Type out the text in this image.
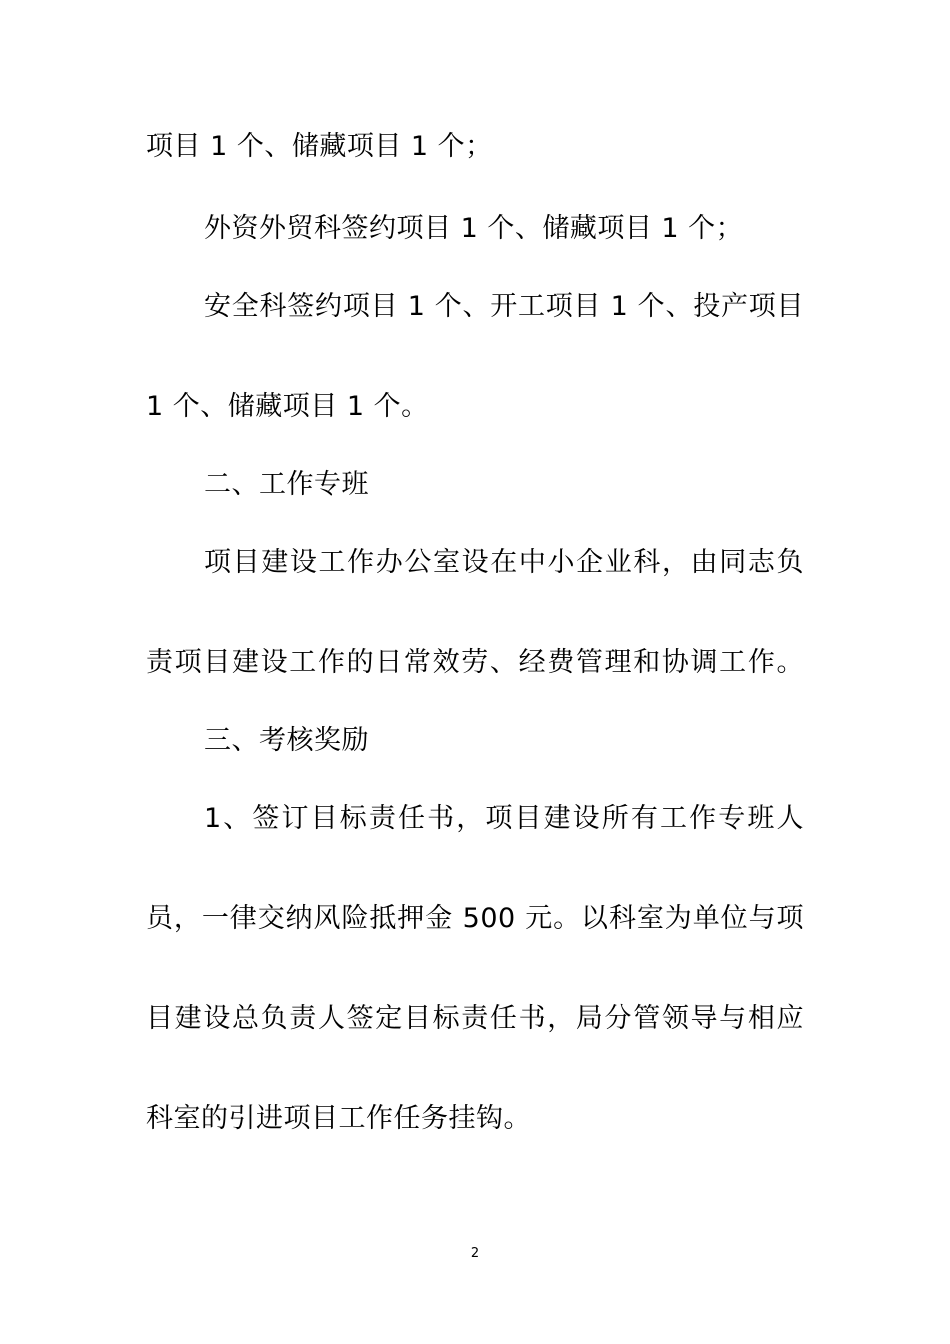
项目 1 个、储藏项目 1 个；
外资外贸科签约项目 1 个、储藏项目 1 个；
安全科签约项目 1 个、开工项目 1 个、投产项目
1 个、储藏项目 1 个。
二、工作专班
项目建设工作办公室设在中小企业科，由同志负
责项目建设工作的日常效劳、经费管理和协调工作。
三、考核奖励
1、签订目标责任书，项目建设所有工作专班人
员，一律交纳风险抵押金 500 元。以科室为单位与项
目建设总负责人签定目标责任书，局分管领导与相应
科室的引进项目工作任务挂钩。
2
